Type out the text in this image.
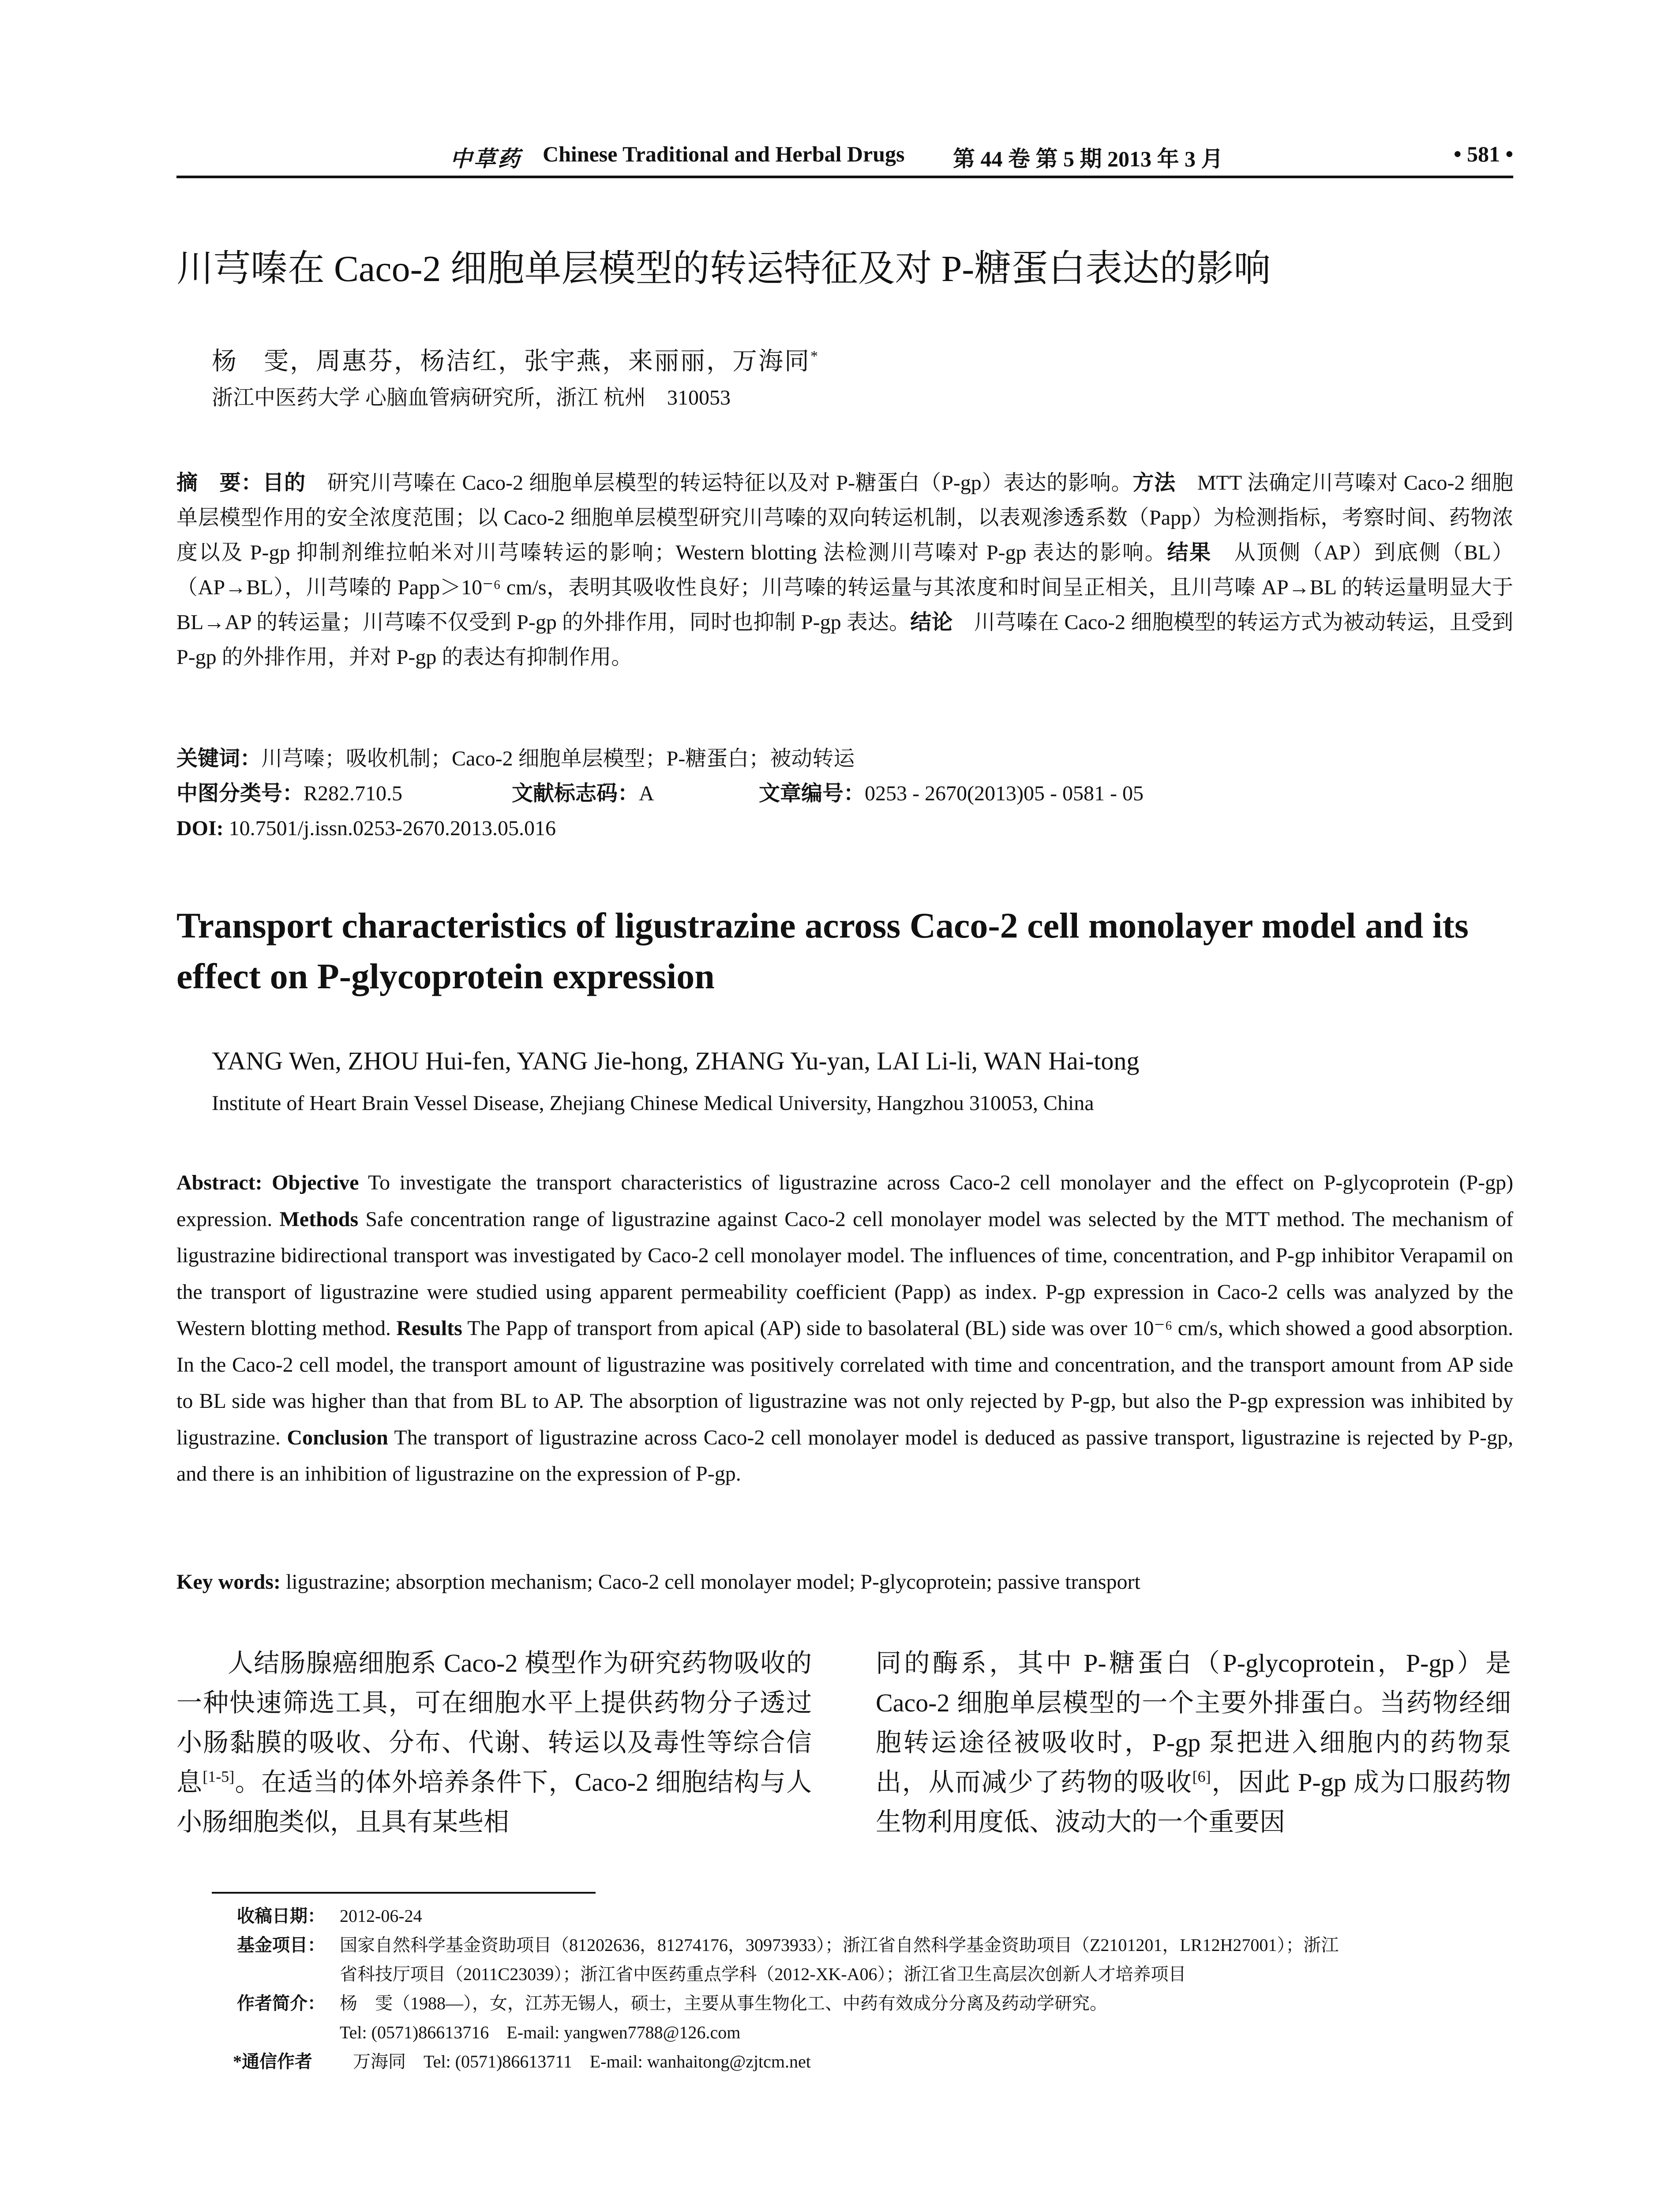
中草药 Chinese Traditional and Herbal Drugs 第 44 卷 第 5 期 2013 年 3 月	• 581 •
川芎嗪在 Caco-2 细胞单层模型的转运特征及对 P-糖蛋白表达的影响
杨　雯，周惠芬，杨洁红，张宇燕，来丽丽，万海同*
浙江中医药大学 心脑血管病研究所，浙江 杭州　310053
摘　要：目的　 研究川芎嗪在 Caco-2 细胞单层模型的转运特征以及对 P-糖蛋白（P-gp）表达的影响。方法　 MTT 法确定川芎嗪对 Caco-2 细胞单层模型作用的安全浓度范围；以 Caco-2 细胞单层模型研究川芎嗪的双向转运机制，以表观渗透系数（Papp）为检测指标，考察时间、药物浓度以及 P-gp 抑制剂维拉帕米对川芎嗪转运的影响；Western blotting 法检测川芎嗪对 P-gp 表达的影响。结果　 从顶侧（AP）到底侧（BL）（AP→BL），川芎嗪的 Papp＞10⁻⁶ cm/s，表明其吸收性良好；川芎嗪的转运量与其浓度和时间呈正相关，且川芎嗪 AP→BL 的转运量明显大于 BL→AP 的转运量；川芎嗪不仅受到 P-gp 的外排作用，同时也抑制 P-gp 表达。结论　 川芎嗪在 Caco-2 细胞模型的转运方式为被动转运，且受到 P-gp 的外排作用，并对 P-gp 的表达有抑制作用。
关键词：川芎嗪；吸收机制；Caco-2 细胞单层模型；P-糖蛋白；被动转运
中图分类号：R282.710.5	文献标志码：A	文章编号：0253 - 2670(2013)05 - 0581 - 05
DOI: 10.7501/j.issn.0253-2670.2013.05.016
Transport characteristics of ligustrazine across Caco-2 cell monolayer model and its effect on P-glycoprotein expression
YANG Wen, ZHOU Hui-fen, YANG Jie-hong, ZHANG Yu-yan, LAI Li-li, WAN Hai-tong
Institute of Heart Brain Vessel Disease, Zhejiang Chinese Medical University, Hangzhou 310053, China
Abstract: Objective To investigate the transport characteristics of ligustrazine across Caco-2 cell monolayer and the effect on P-glycoprotein (P-gp) expression. Methods Safe concentration range of ligustrazine against Caco-2 cell monolayer model was selected by the MTT method. The mechanism of ligustrazine bidirectional transport was investigated by Caco-2 cell monolayer model. The influences of time, concentration, and P-gp inhibitor Verapamil on the transport of ligustrazine were studied using apparent permeability coefficient (Papp) as index. P-gp expression in Caco-2 cells was analyzed by the Western blotting method. Results The Papp of transport from apical (AP) side to basolateral (BL) side was over 10⁻⁶ cm/s, which showed a good absorption. In the Caco-2 cell model, the transport amount of ligustrazine was positively correlated with time and concentration, and the transport amount from AP side to BL side was higher than that from BL to AP. The absorption of ligustrazine was not only rejected by P-gp, but also the P-gp expression was inhibited by ligustrazine. Conclusion The transport of ligustrazine across Caco-2 cell monolayer model is deduced as passive transport, ligustrazine is rejected by P-gp, and there is an inhibition of ligustrazine on the expression of P-gp.
Key words: ligustrazine; absorption mechanism; Caco-2 cell monolayer model; P-glycoprotein; passive transport
人结肠腺癌细胞系 Caco-2 模型作为研究药物吸收的一种快速筛选工具，可在细胞水平上提供药物分子透过小肠黏膜的吸收、分布、代谢、转运以及毒性等综合信息[1-5]。在适当的体外培养条件下，Caco-2 细胞结构与人小肠细胞类似，且具有某些相
同的酶系，其中 P-糖蛋白（P-glycoprotein，P-gp）是 Caco-2 细胞单层模型的一个主要外排蛋白。当药物经细胞转运途径被吸收时，P-gp 泵把进入细胞内的药物泵出，从而减少了药物的吸收[6]，因此 P-gp 成为口服药物生物利用度低、波动大的一个重要因
收稿日期： 2012-06-24
基金项目： 国家自然科学基金资助项目（81202636，81274176，30973933）；浙江省自然科学基金资助项目（Z2101201，LR12H27001）；浙江
省科技厅项目（2011C23039）；浙江省中医药重点学科（2012-XK-A06）；浙江省卫生高层次创新人才培养项目
作者简介： 杨　雯（1988—），女，江苏无锡人，硕士，主要从事生物化工、中药有效成分分离及药动学研究。
Tel: (0571)86613716　E-mail: yangwen7788@126.com
*通信作者 万海同　Tel: (0571)86613711　E-mail: wanhaitong@zjtcm.net
